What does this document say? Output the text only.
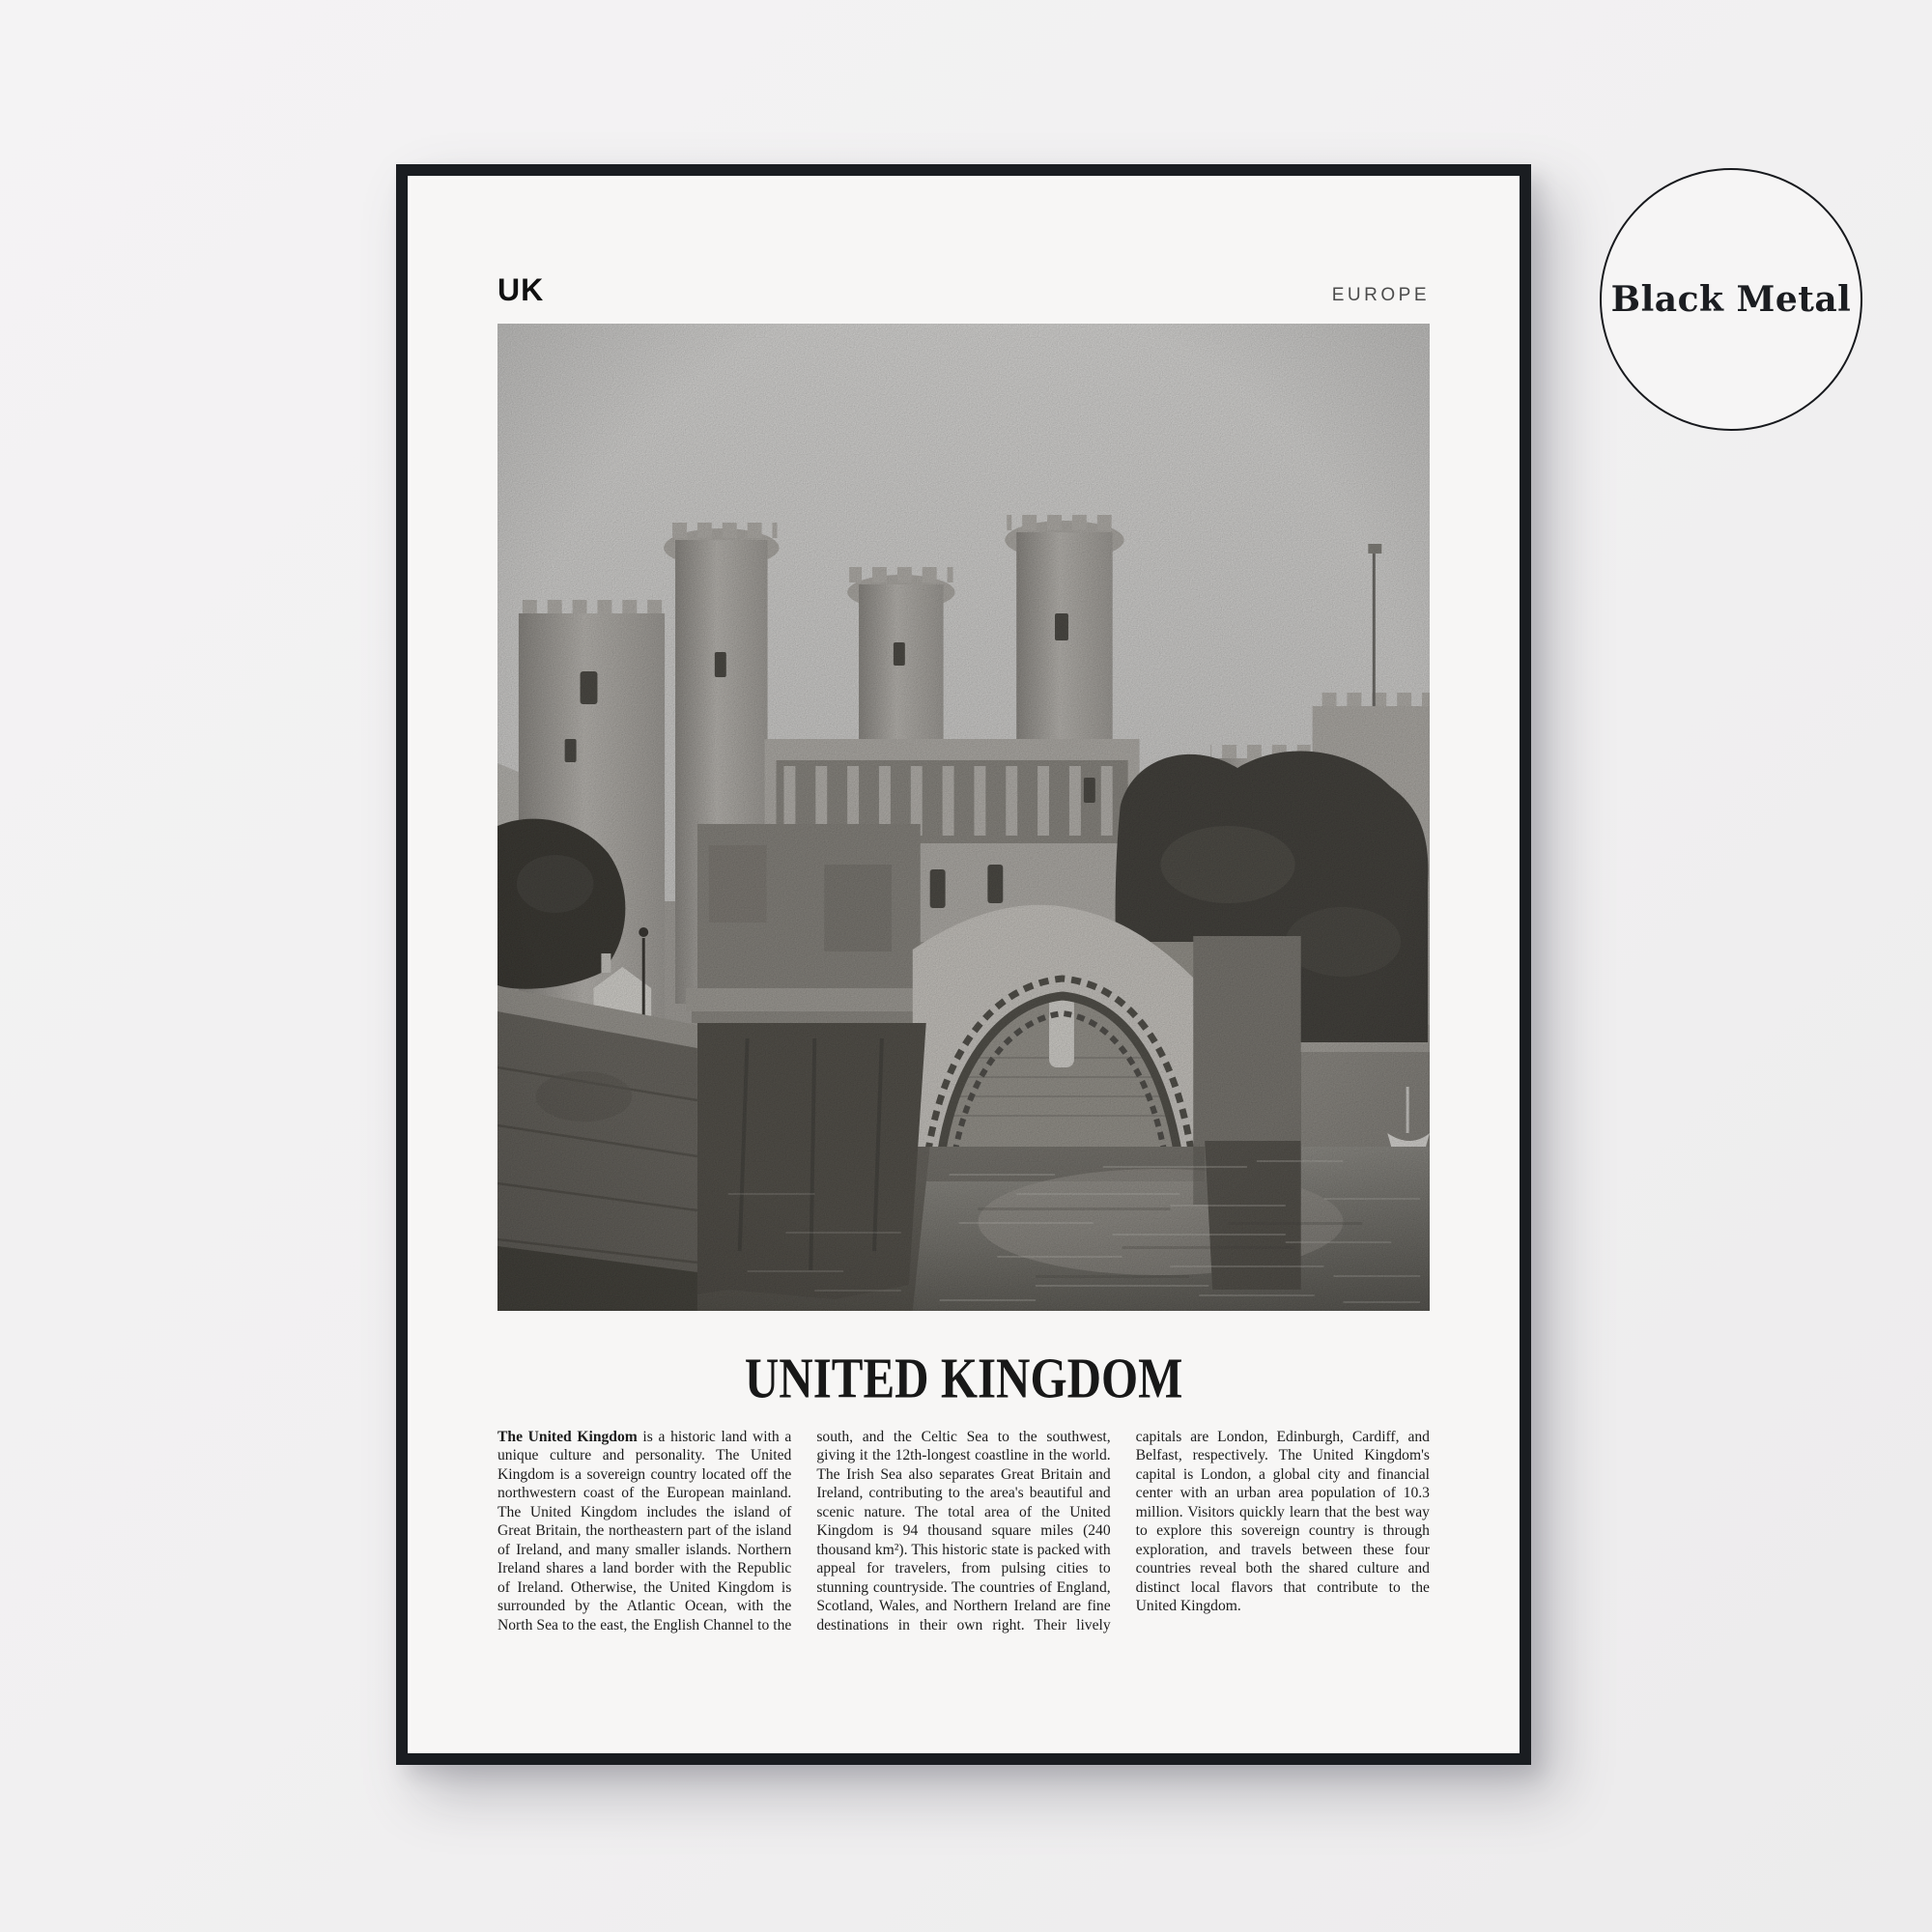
UK	EUROPE
UNITED KINGDOM

The United Kingdom is a historic land with a unique culture and personality. The United Kingdom is a sovereign country located off the northwestern coast of the European mainland. The United Kingdom includes the island of Great Britain, the northeastern part of the island of Ireland, and many smaller islands. Northern Ireland shares a land border with the Republic of Ireland. Otherwise, the United Kingdom is surrounded by the Atlantic Ocean, with the North Sea to the east, the English Channel to the south, and the Celtic Sea to the southwest, giving it the 12th-longest coastline in the world. The Irish Sea also separates Great Britain and Ireland, contributing to the area's beautiful and scenic nature. The total area of the United Kingdom is 94 thousand square miles (240 thousand km²). This historic state is packed with appeal for travelers, from pulsing cities to stunning countryside. The countries of England, Scotland, Wales, and Northern Ireland are fine destinations in their own right. Their lively capitals are London, Edinburgh, Cardiff, and Belfast, respectively. The United Kingdom's capital is London, a global city and financial center with an urban area population of 10.3 million. Visitors quickly learn that the best way to explore this sovereign country is through exploration, and travels between these four countries reveal both the shared culture and distinct local flavors that contribute to the United Kingdom.

Black Metal
